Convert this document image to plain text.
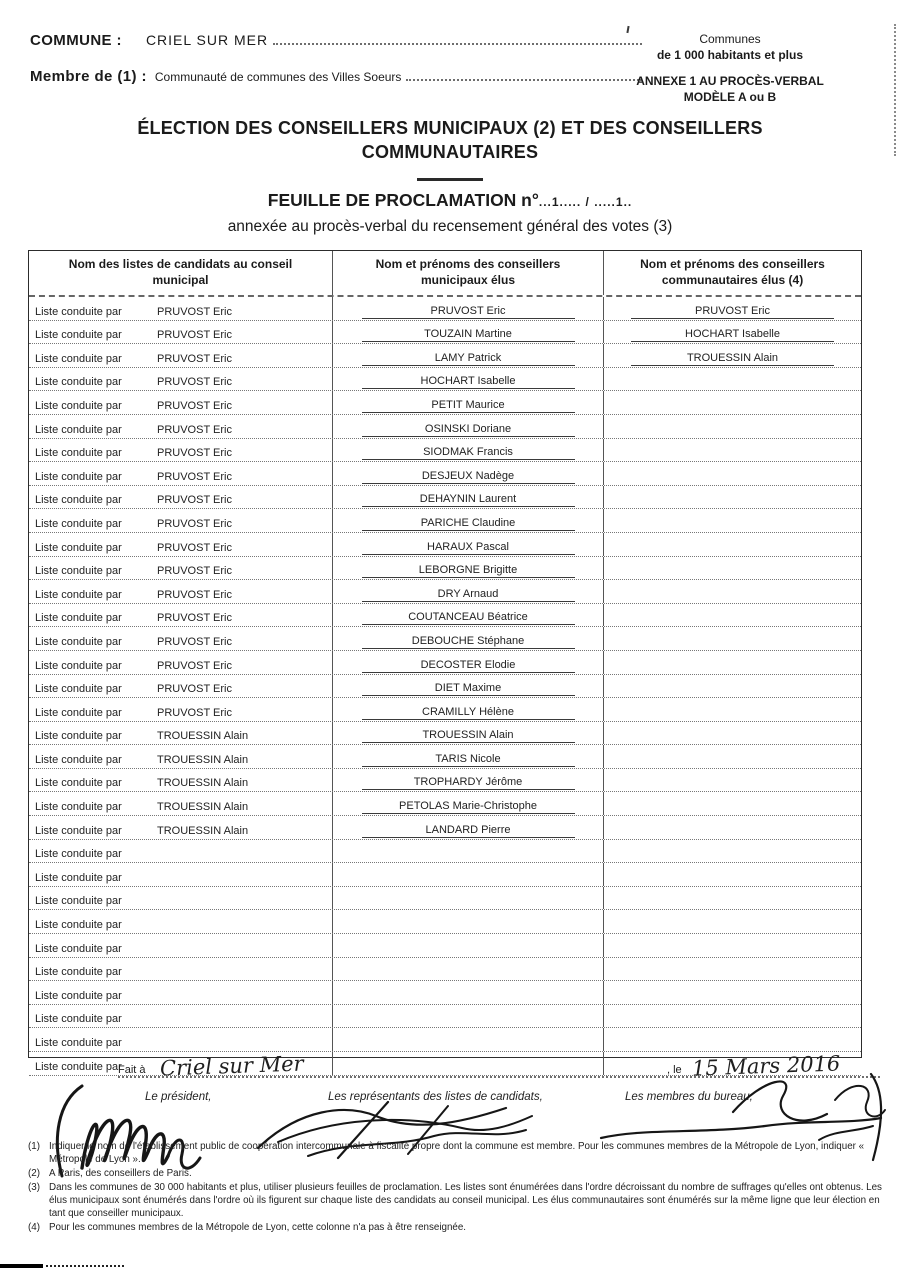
COMMUNE : CRIEL SUR MER
Membre de (1) : Communauté de communes des Villes Soeurs
Communes
de 1 000 habitants et plus
ANNEXE 1 AU PROCÈS-VERBAL
MODÈLE A ou B
ÉLECTION DES CONSEILLERS MUNICIPAUX (2) ET DES CONSEILLERS COMMUNAUTAIRES
FEUILLE DE PROCLAMATION n°...1..... / .....1..
annexée au procès-verbal du recensement général des votes (3)
Nom des listes de candidats au conseil municipal
Nom et prénoms des conseillers municipaux élus
Nom et prénoms des conseillers communautaires élus (4)
Liste conduite par	PRUVOST Eric	PRUVOST Eric	PRUVOST Eric
Liste conduite par	PRUVOST Eric	TOUZAIN Martine	HOCHART Isabelle
Liste conduite par	PRUVOST Eric	LAMY Patrick	TROUESSIN Alain
Liste conduite par	PRUVOST Eric	HOCHART Isabelle
Liste conduite par	PRUVOST Eric	PETIT Maurice
Liste conduite par	PRUVOST Eric	OSINSKI Doriane
Liste conduite par	PRUVOST Eric	SIODMAK Francis
Liste conduite par	PRUVOST Eric	DESJEUX Nadège
Liste conduite par	PRUVOST Eric	DEHAYNIN Laurent
Liste conduite par	PRUVOST Eric	PARICHE Claudine
Liste conduite par	PRUVOST Eric	HARAUX Pascal
Liste conduite par	PRUVOST Eric	LEBORGNE Brigitte
Liste conduite par	PRUVOST Eric	DRY Arnaud
Liste conduite par	PRUVOST Eric	COUTANCEAU Béatrice
Liste conduite par	PRUVOST Eric	DEBOUCHE Stéphane
Liste conduite par	PRUVOST Eric	DECOSTER Elodie
Liste conduite par	PRUVOST Eric	DIET Maxime
Liste conduite par	PRUVOST Eric	CRAMILLY Hélène
Liste conduite par	TROUESSIN Alain	TROUESSIN Alain
Liste conduite par	TROUESSIN Alain	TARIS Nicole
Liste conduite par	TROUESSIN Alain	TROPHARDY Jérôme
Liste conduite par	TROUESSIN Alain	PETOLAS Marie-Christophe
Liste conduite par	TROUESSIN Alain	LANDARD Pierre
Liste conduite par
Liste conduite par
Liste conduite par
Liste conduite par
Liste conduite par
Liste conduite par
Liste conduite par
Liste conduite par
Liste conduite par
Liste conduite par
Fait à Criel sur Mer	, le 15 Mars 2016
Le président,	Les représentants des listes de candidats,	Les membres du bureau,
(1) Indiquer le nom de l'établissement public de coopération intercommunale à fiscalité propre dont la commune est membre. Pour les communes membres de la Métropole de Lyon, indiquer « Métropole de Lyon ».
(2) A Paris, des conseillers de Paris.
(3) Dans les communes de 30 000 habitants et plus, utiliser plusieurs feuilles de proclamation. Les listes sont énumérées dans l'ordre décroissant du nombre de suffrages qu'elles ont obtenus. Les élus municipaux sont énumérés dans l'ordre où ils figurent sur chaque liste des candidats au conseil municipal. Les élus communautaires sont énumérés sur la même ligne que leur élection en tant que conseiller municipaux.
(4) Pour les communes membres de la Métropole de Lyon, cette colonne n'a pas à être renseignée.
